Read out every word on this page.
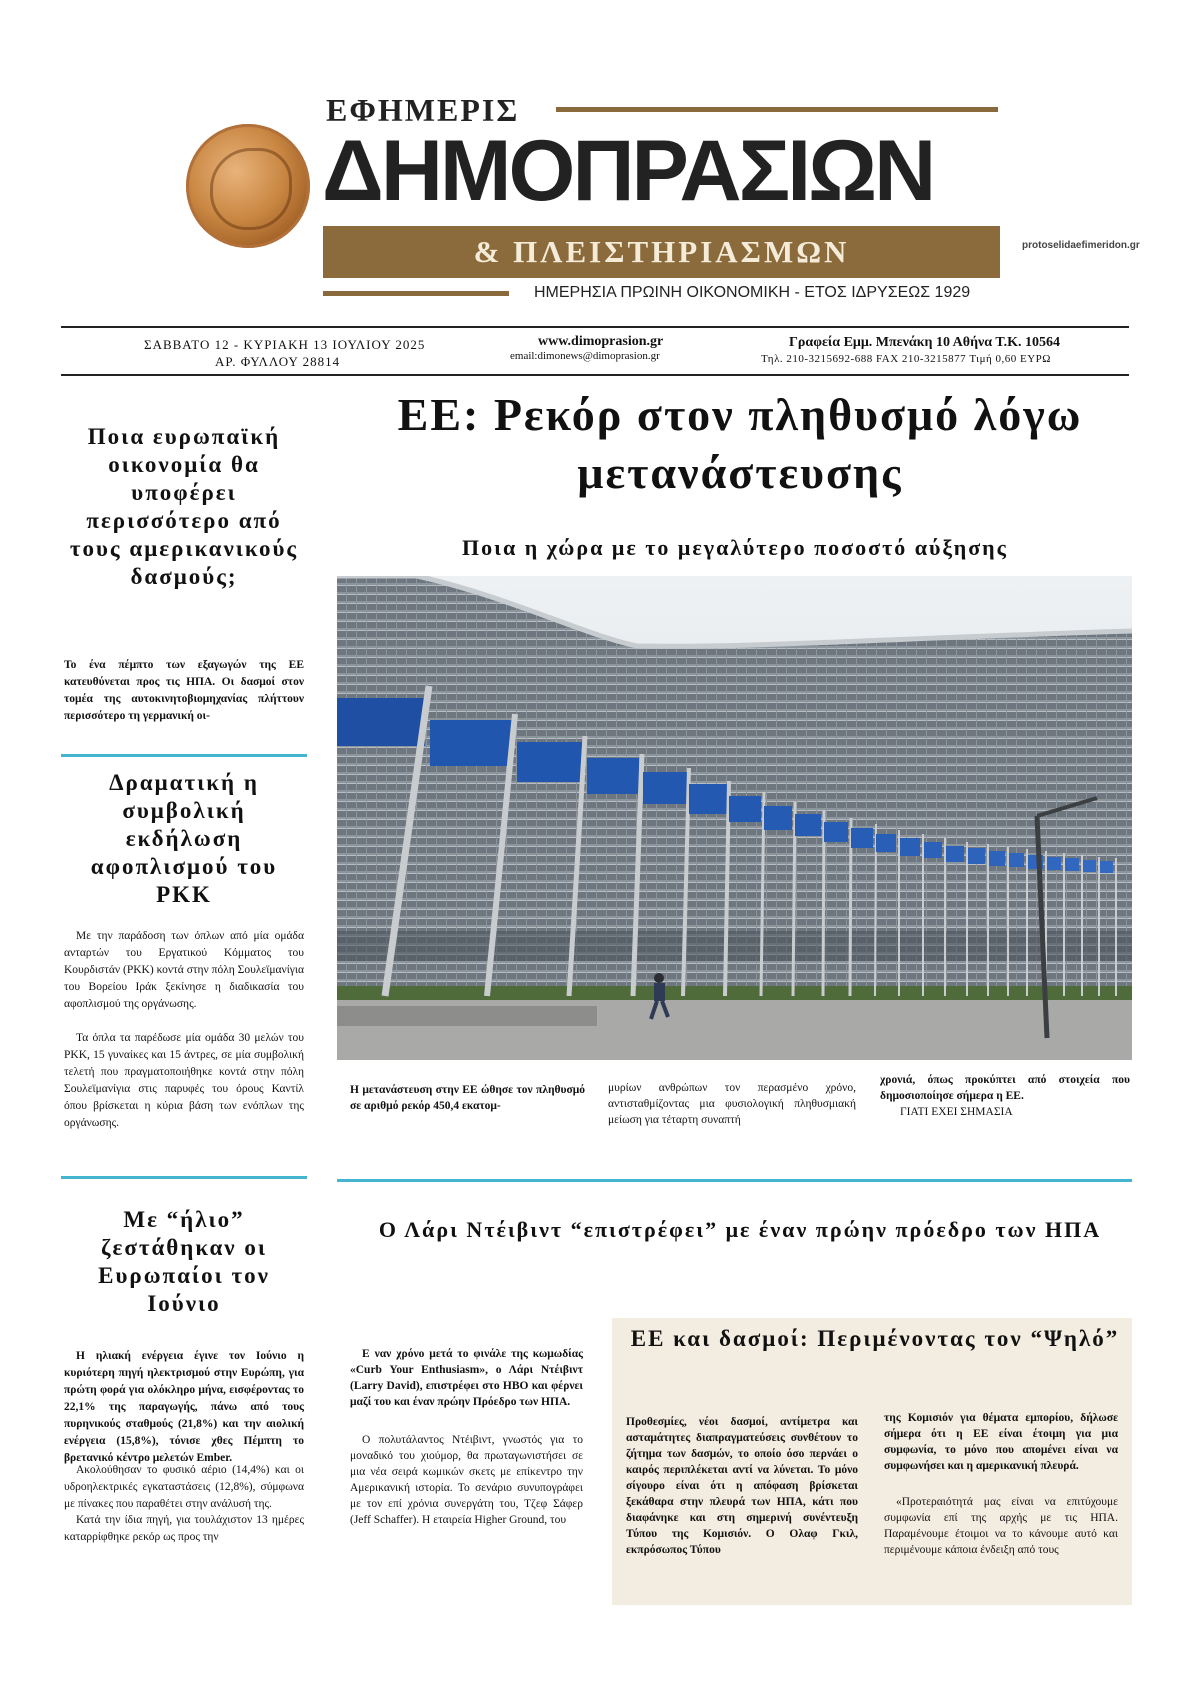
ΕΦΗΜΕΡΙΣ
ΔΗΜΟΠΡΑΣΙΩΝ
& ΠΛΕΙΣΤΗΡΙΑΣΜΩΝ
ΗΜΕΡΗΣΙΑ ΠΡΩΙΝΗ ΟΙΚΟΝΟΜΙΚΗ - ΕΤΟΣ ΙΔΡΥΣΕΩΣ 1929
protoselidaefimeridon.gr
ΣΑΒΒΑΤΟ 12 - ΚΥΡΙΑΚΗ 13 ΙΟΥΛΙΟΥ 2025
ΑΡ. ΦΥΛΛΟΥ 28814
www.dimoprasion.gr
email:dimonews@dimoprasion.gr
Γραφεία Εμμ. Μπενάκη 10 Αθήνα Τ.Κ. 10564
Τηλ. 210-3215692-688 FAX 210-3215877 Τιμή 0,60 ΕΥΡΩ
ΕΕ: Ρεκόρ στον πληθυσμό λόγω μετανάστευσης
Ποια η χώρα με το μεγαλύτερο ποσοστό αύξησης
Η μετανάστευση στην ΕΕ ώθησε τον πληθυσμό σε αριθμό ρεκόρ 450,4 εκατομ-
μυρίων ανθρώπων τον περασμένο χρόνο, αντισταθμίζοντας μια φυσιολογική πληθυσμιακή μείωση για τέταρτη συναπτή
χρονιά, όπως προκύπτει από στοιχεία που δημοσιοποίησε σήμερα η ΕΕ.
ΓΙΑΤΙ ΕΧΕΙ ΣΗΜΑΣΙΑ
Ποια ευρωπαϊκή οικονομία θα υποφέρει περισσότερο από τους αμερικανικούς δασμούς;
Το ένα πέμπτο των εξαγωγών της ΕΕ κατευθύνεται προς τις ΗΠΑ. Οι δασμοί στον τομέα της αυτοκινητοβιομηχανίας πλήττουν περισσότερο τη γερμανική οι-
Δραματική η συμβολική εκδήλωση αφοπλισμού του ΡΚΚ
Με την παράδοση των όπλων από μία ομάδα ανταρτών του Εργατικού Κόμματος του Κουρδιστάν (ΡΚΚ) κοντά στην πόλη Σουλεϊμανίγια του Βορείου Ιράκ ξεκίνησε η διαδικασία του αφοπλισμού της οργάνωσης.
Τα όπλα τα παρέδωσε μία ομάδα 30 μελών του ΡΚΚ, 15 γυναίκες και 15 άντρες, σε μία συμβολική τελετή που πραγματοποιήθηκε κοντά στην πόλη Σουλεϊμανίγια στις παρυφές του όρους Καντίλ όπου βρίσκεται η κύρια βάση των ενόπλων της οργάνωσης.
Με “ήλιο” ζεστάθηκαν οι Ευρωπαίοι τον Ιούνιο
Η ηλιακή ενέργεια έγινε τον Ιούνιο η κυριότερη πηγή ηλεκτρισμού στην Ευρώπη, για πρώτη φορά για ολόκληρο μήνα, εισφέροντας το 22,1% της παραγωγής, πάνω από τους πυρηνικούς σταθμούς (21,8%) και την αιολική ενέργεια (15,8%), τόνισε χθες Πέμπτη το βρετανικό κέντρο μελετών Ember.
Ακολούθησαν το φυσικό αέριο (14,4%) και οι υδροηλεκτρικές εγκαταστάσεις (12,8%), σύμφωνα με πίνακες που παραθέτει στην ανάλυσή της.
Κατά την ίδια πηγή, για τουλάχιστον 13 ημέρες καταρρίφθηκε ρεκόρ ως προς την
Ο Λάρι Ντέιβιντ “επιστρέφει” με έναν πρώην πρόεδρο των ΗΠΑ
Ε ναν χρόνο μετά το φινάλε της κωμωδίας «Curb Your Enthusiasm», ο Λάρι Ντέιβιντ (Larry David), επιστρέφει στο HBO και φέρνει μαζί του και έναν πρώην Πρόεδρο των ΗΠΑ.
Ο πολυτάλαντος Ντέιβιντ, γνωστός για το μοναδικό του χιούμορ, θα πρωταγωνιστήσει σε μια νέα σειρά κωμικών σκετς με επίκεντρο την Αμερικανική ιστορία. Το σενάριο συνυπογράφει με τον επί χρόνια συνεργάτη του, Τζεφ Σάφερ (Jeff Schaffer). Η εταιρεία Higher Ground, του
ΕΕ και δασμοί: Περιμένοντας τον “Ψηλό”
Προθεσμίες, νέοι δασμοί, αντίμετρα και ασταμάτητες διαπραγματεύσεις συνθέτουν το ζήτημα των δασμών, το οποίο όσο περνάει ο καιρός περιπλέκεται αντί να λύνεται. Το μόνο σίγουρο είναι ότι η απόφαση βρίσκεται ξεκάθαρα στην πλευρά των ΗΠΑ, κάτι που διαφάνηκε και στη σημερινή συνέντευξη Τύπου της Κομισιόν. Ο Ολαφ Γκιλ, εκπρόσωπος Τύπου
της Κομισιόν για θέματα εμπορίου, δήλωσε σήμερα ότι η ΕΕ είναι έτοιμη για μια συμφωνία, το μόνο που απομένει είναι να συμφωνήσει και η αμερικανική πλευρά.
«Προτεραιότητά μας είναι να επιτύχουμε συμφωνία επί της αρχής με τις ΗΠΑ. Παραμένουμε έτοιμοι να το κάνουμε αυτό και περιμένουμε κάποια ένδειξη από τους
